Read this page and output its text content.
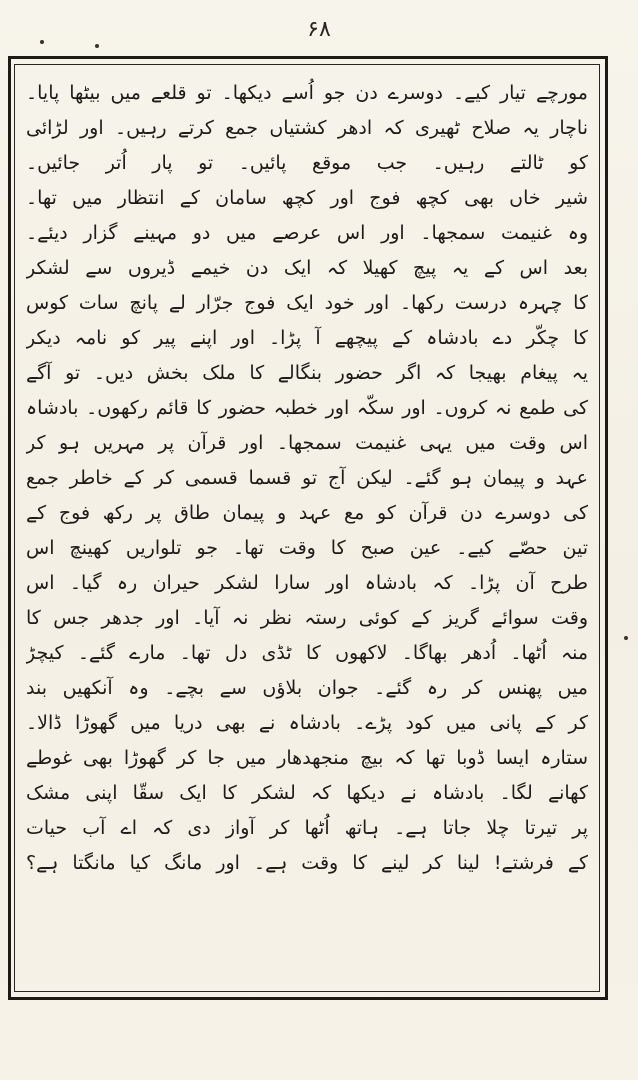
۶۸
مورچے تیار کیے۔ دوسرے دن جو اُسے دیکھا۔ تو قلعے میں بیٹھا پایا۔
ناچار یہ صلاح ٹھیری کہ ادھر کشتیاں جمع کرتے رہیں۔ اور لڑائی
کو ٹالتے رہیں۔ جب موقع پائیں۔ تو پار اُتر جائیں۔
شیر خاں بھی کچھ فوج اور کچھ سامان کے انتظار میں تھا۔
وہ غنیمت سمجھا۔ اور اس عرصے میں دو مہینے گزار دیئے۔
بعد اس کے یہ پیچ کھیلا کہ ایک دن خیمے ڈیروں سے لشکر
کا چہرہ درست رکھا۔ اور خود ایک فوج جرّار لے پانچ سات کوس
کا چکّر دے بادشاہ کے پیچھے آ پڑا۔ اور اپنے پیر کو نامہ دیکر
یہ پیغام بھیجا کہ اگر حضور بنگالے کا ملک بخش دیں۔ تو آگے
کی طمع نہ کروں۔ اور سکّہ اور خطبہ حضور کا قائم رکھوں۔ بادشاہ
اس وقت میں یہی غنیمت سمجھا۔ اور قرآن پر مہریں ہو کر
عہد و پیمان ہو گئے۔ لیکن آج تو قسما قسمی کر کے خاطر جمع
کی دوسرے دن قرآن کو مع عہد و پیمان طاق پر رکھ فوج کے
تین حصّے کیے۔ عین صبح کا وقت تھا۔ جو تلواریں کھینچ اس
طرح آن پڑا۔ کہ بادشاہ اور سارا لشکر حیران رہ گیا۔ اس
وقت سوائے گریز کے کوئی رستہ نظر نہ آیا۔ اور جدھر جس کا
منہ اُٹھا۔ اُدھر بھاگا۔ لاکھوں کا ٹڈی دل تھا۔ مارے گئے۔ کیچڑ
میں پھنس کر رہ گئے۔ جوان بلاؤں سے بچے۔ وہ آنکھیں بند
کر کے پانی میں کود پڑے۔ بادشاہ نے بھی دریا میں گھوڑا ڈالا۔
ستارہ ایسا ڈوبا تھا کہ بیچ منجھدھار میں جا کر گھوڑا بھی غوطے
کھانے لگا۔ بادشاہ نے دیکھا کہ لشکر کا ایک سقّا اپنی مشک
پر تیرتا چلا جاتا ہے۔ ہاتھ اُٹھا کر آواز دی کہ اے آب حیات
کے فرشتے! لینا کر لینے کا وقت ہے۔ اور مانگ کیا مانگتا ہے؟
